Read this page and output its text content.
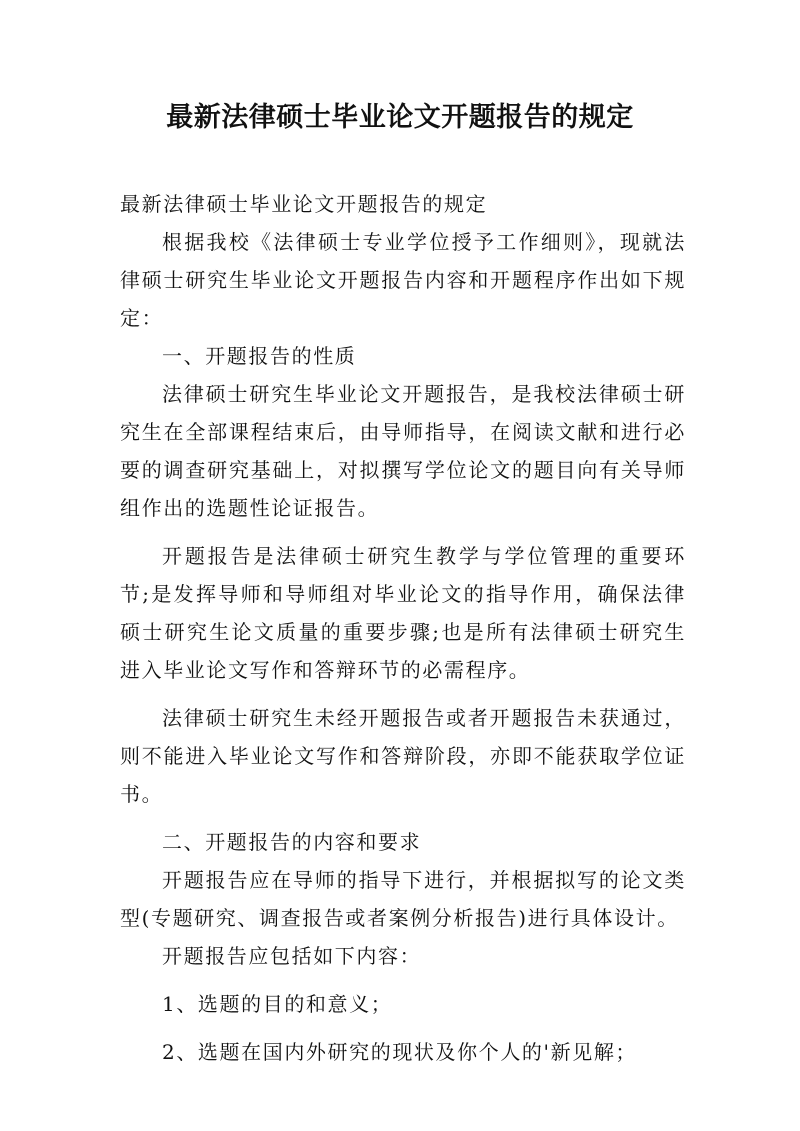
最新法律硕士毕业论文开题报告的规定

最新法律硕士毕业论文开题报告的规定

根据我校《法律硕士专业学位授予工作细则》，现就法律硕士研究生毕业论文开题报告内容和开题程序作出如下规定：

一、开题报告的性质

法律硕士研究生毕业论文开题报告，是我校法律硕士研究生在全部课程结束后，由导师指导，在阅读文献和进行必要的调查研究基础上，对拟撰写学位论文的题目向有关导师组作出的选题性论证报告。

开题报告是法律硕士研究生教学与学位管理的重要环节;是发挥导师和导师组对毕业论文的指导作用，确保法律硕士研究生论文质量的重要步骤;也是所有法律硕士研究生进入毕业论文写作和答辩环节的必需程序。

法律硕士研究生未经开题报告或者开题报告未获通过，则不能进入毕业论文写作和答辩阶段，亦即不能获取学位证书。

二、开题报告的内容和要求

开题报告应在导师的指导下进行，并根据拟写的论文类型(专题研究、调查报告或者案例分析报告)进行具体设计。

开题报告应包括如下内容：

1、选题的目的和意义；

2、选题在国内外研究的现状及你个人的'新见解；
